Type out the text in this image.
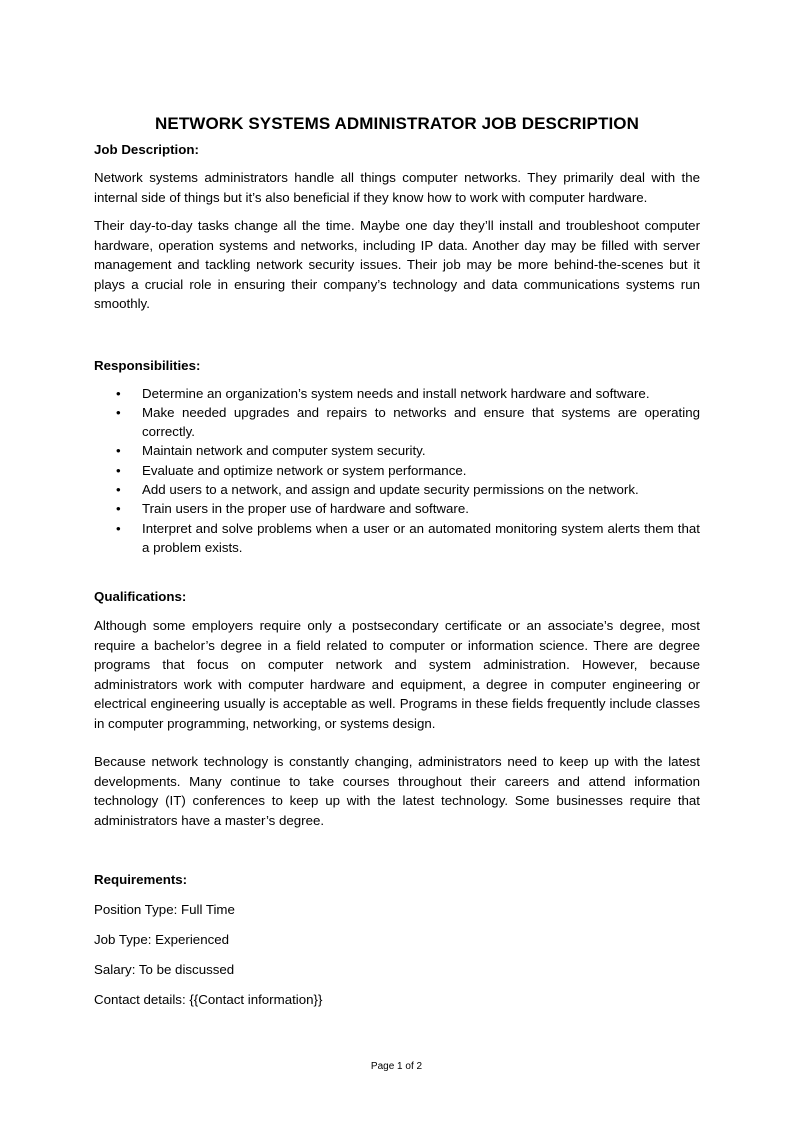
NETWORK SYSTEMS ADMINISTRATOR JOB DESCRIPTION
Job Description:

Network systems administrators handle all things computer networks. They primarily deal with the internal side of things but it’s also beneficial if they know how to work with computer hardware.

Their day-to-day tasks change all the time. Maybe one day they’ll install and troubleshoot computer hardware, operation systems and networks, including IP data. Another day may be filled with server management and tackling network security issues. Their job may be more behind-the-scenes but it plays a crucial role in ensuring their company’s technology and data communications systems run smoothly.

Responsibilities:
• Determine an organization’s system needs and install network hardware and software.
• Make needed upgrades and repairs to networks and ensure that systems are operating correctly.
• Maintain network and computer system security.
• Evaluate and optimize network or system performance.
• Add users to a network, and assign and update security permissions on the network.
• Train users in the proper use of hardware and software.
• Interpret and solve problems when a user or an automated monitoring system alerts them that a problem exists.
Qualifications:

Although some employers require only a postsecondary certificate or an associate’s degree, most require a bachelor’s degree in a field related to computer or information science. There are degree programs that focus on computer network and system administration. However, because administrators work with computer hardware and equipment, a degree in computer engineering or electrical engineering usually is acceptable as well. Programs in these fields frequently include classes in computer programming, networking, or systems design.

Because network technology is constantly changing, administrators need to keep up with the latest developments. Many continue to take courses throughout their careers and attend information technology (IT) conferences to keep up with the latest technology. Some businesses require that administrators have a master’s degree.

Requirements:

Position Type: Full Time

Job Type: Experienced

Salary: To be discussed

Contact details: {{Contact information}}

Page 1 of 2
